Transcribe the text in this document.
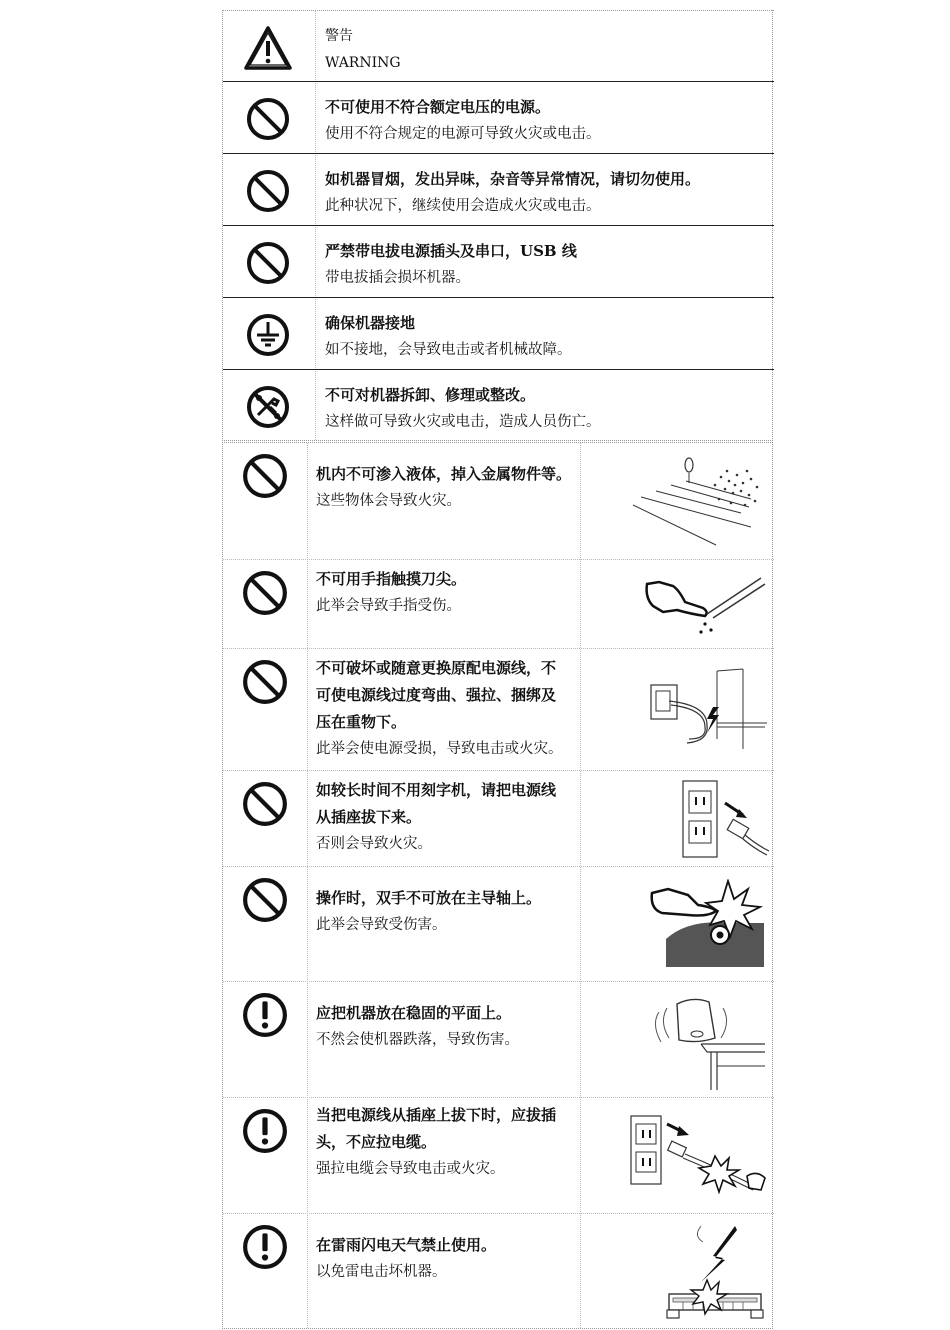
警告
WARNING
不可使用不符合额定电压的电源。
使用不符合规定的电源可导致火灾或电击。
如机器冒烟，发出异味，杂音等异常情况，请切勿使用。
此种状况下，继续使用会造成火灾或电击。
严禁带电拔电源插头及串口，USB 线
带电拔插会损坏机器。
确保机器接地
如不接地，会导致电击或者机械故障。
不可对机器拆卸、修理或整改。
这样做可导致火灾或电击，造成人员伤亡。
机内不可渗入液体，掉入金属物件等。
这些物体会导致火灾。
不可用手指触摸刀尖。
此举会导致手指受伤。
不可破坏或随意更换原配电源线，不
可使电源线过度弯曲、强拉、捆绑及
压在重物下。
此举会使电源受损，导致电击或火灾。
如较长时间不用刻字机，请把电源线
从插座拔下来。
否则会导致火灾。
操作时，双手不可放在主导轴上。
此举会导致受伤害。
应把机器放在稳固的平面上。
不然会使机器跌落，导致伤害。
当把电源线从插座上拔下时，应拔插
头，不应拉电缆。
强拉电缆会导致电击或火灾。
在雷雨闪电天气禁止使用。
以免雷电击坏机器。
